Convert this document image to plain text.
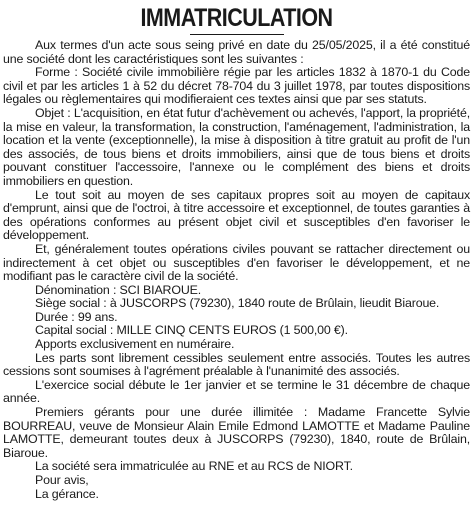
IMMATRICULATION

Aux termes d'un acte sous seing privé en date du 25/05/2025, il a été constitué une société dont les caractéristiques sont les suivantes :

Forme : Société civile immobilière régie par les articles 1832 à 1870-1 du Code civil et par les articles 1 à 52 du décret 78-704 du 3 juillet 1978, par toutes dispositions légales ou règlementaires qui modifieraient ces textes ainsi que par ses statuts.

Objet : L'acquisition, en état futur d'achèvement ou achevés, l'apport, la propriété, la mise en valeur, la transformation, la construction, l'aménagement, l'administration, la location et la vente (exceptionnelle), la mise à disposition à titre gratuit au profit de l'un des associés, de tous biens et droits immobiliers, ainsi que de tous biens et droits pouvant constituer l'accessoire, l'annexe ou le complément des biens et droits immobiliers en question.

Le tout soit au moyen de ses capitaux propres soit au moyen de capitaux d'emprunt, ainsi que de l'octroi, à titre accessoire et exceptionnel, de toutes garanties à des opérations conformes au présent objet civil et susceptibles d'en favoriser le développement.

Et, généralement toutes opérations civiles pouvant se rattacher directement ou indirectement à cet objet ou susceptibles d'en favoriser le développement, et ne modifiant pas le caractère civil de la société.

Dénomination : SCI BIAROUE.

Siège social : à JUSCORPS (79230), 1840 route de Brûlain, lieudit Biaroue.

Durée : 99 ans.

Capital social : MILLE CINQ CENTS EUROS (1 500,00 €).

Apports exclusivement en numéraire.

Les parts sont librement cessibles seulement entre associés. Toutes les autres cessions sont soumises à l'agrément préalable à l'unanimité des associés.

L'exercice social débute le 1er janvier et se termine le 31 décembre de chaque année.

Premiers gérants pour une durée illimitée : Madame Francette Sylvie BOURREAU, veuve de Monsieur Alain Emile Edmond LAMOTTE et Madame Pauline LAMOTTE, demeurant toutes deux à JUSCORPS (79230), 1840, route de Brûlain, Biaroue.

La société sera immatriculée au RNE et au RCS de NIORT.

Pour avis,

La gérance.
